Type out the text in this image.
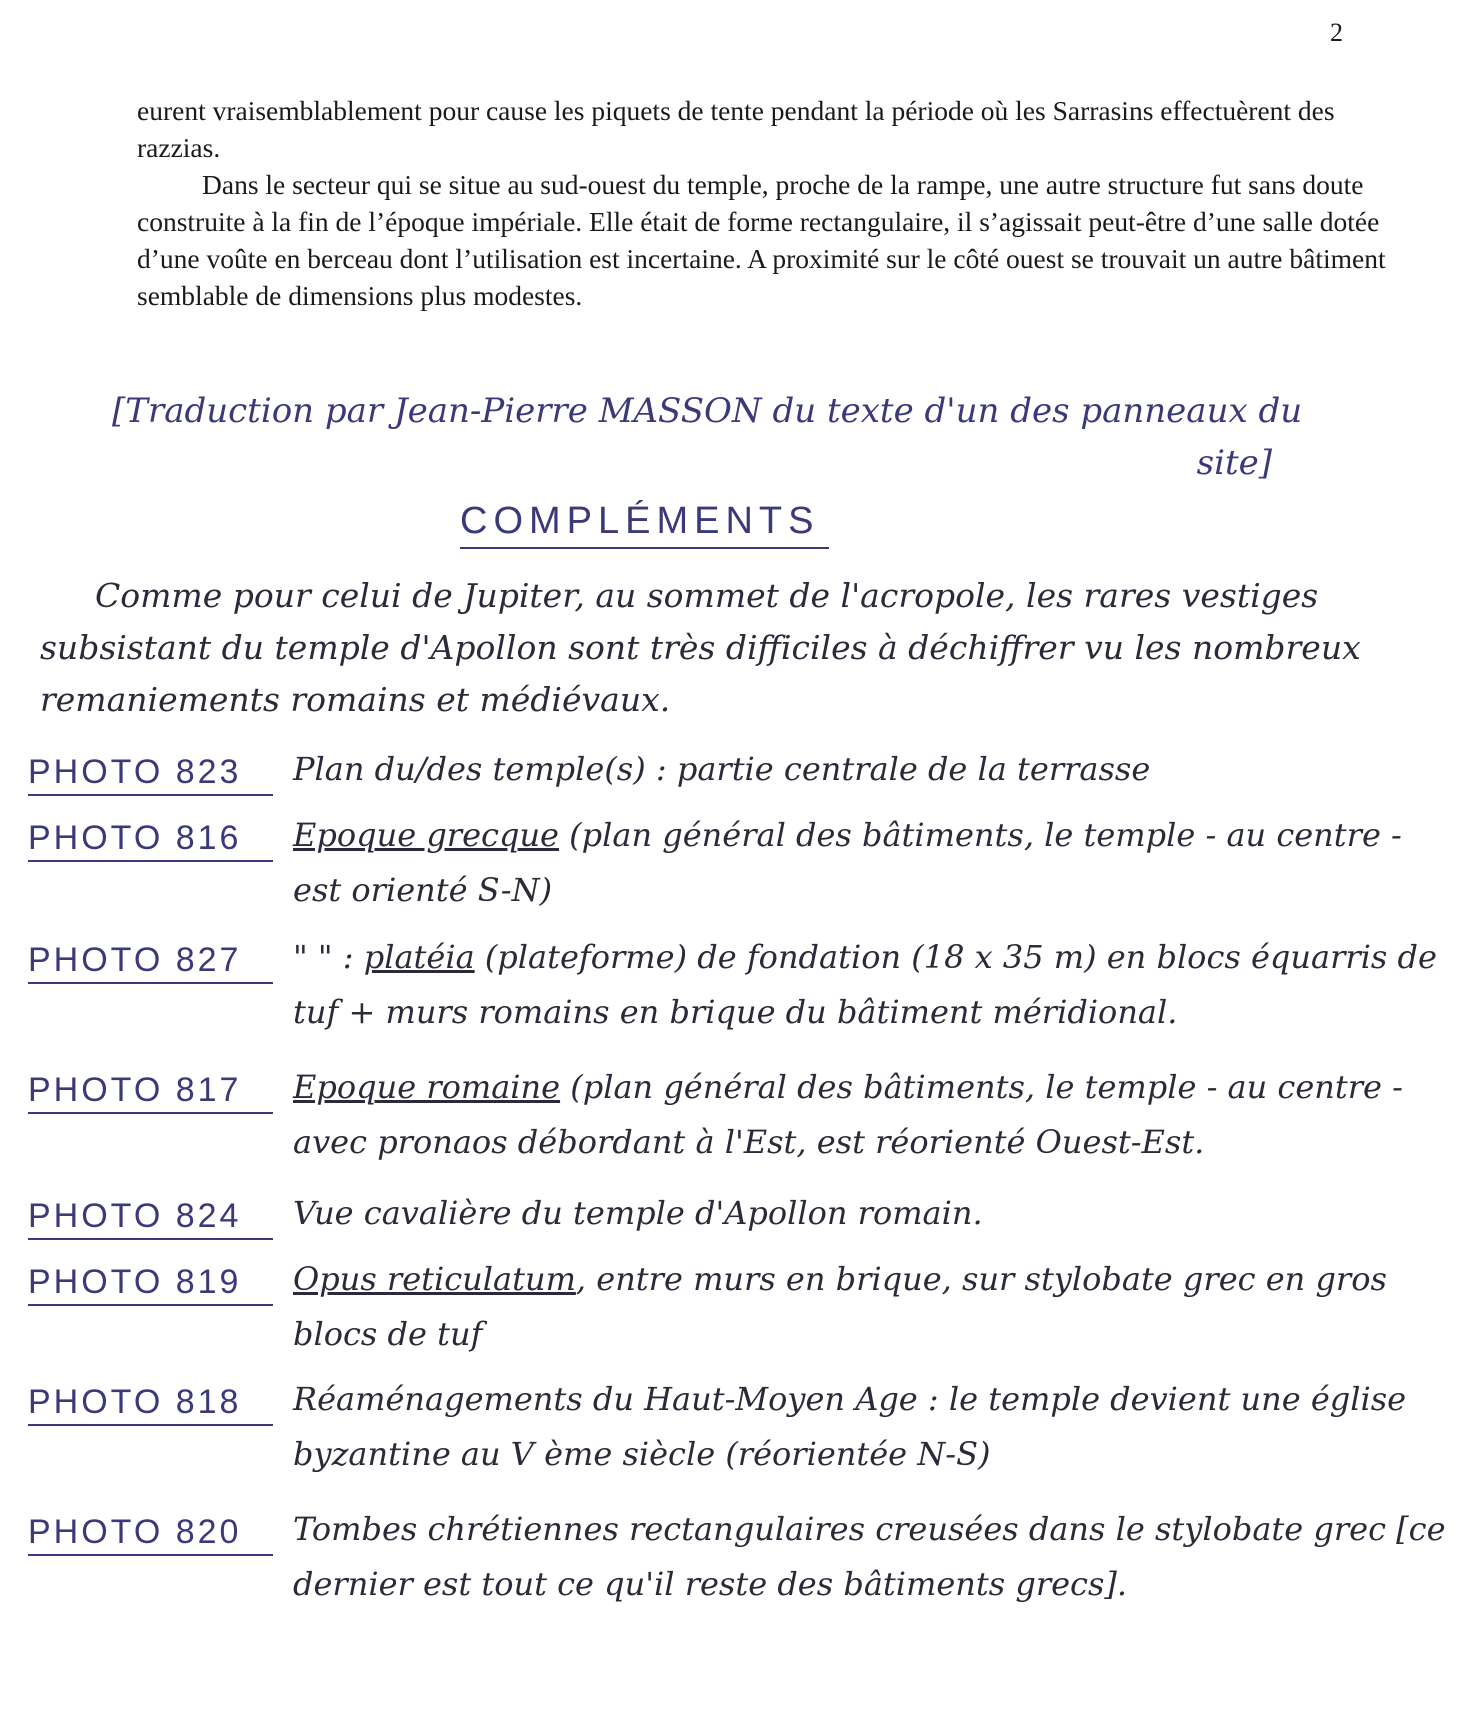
2

eurent vraisemblablement pour cause les piquets de tente pendant la période où les Sarrasins effectuèrent des razzias.

Dans le secteur qui se situe au sud-ouest du temple, proche de la rampe, une autre structure fut sans doute construite à la fin de l’époque impériale. Elle était de forme rectangulaire, il s’agissait peut-être d’une salle dotée d’une voûte en berceau dont l’utilisation est incertaine. A proximité sur le côté ouest se trouvait un autre bâtiment semblable de dimensions plus modestes.

[Traduction par Jean-Pierre MASSON du texte d'un des panneaux du
site]

COMPLÉMENTS

Comme pour celui de Jupiter, au sommet de l'acropole, les rares vestiges subsistant du temple d'Apollon sont très difficiles à déchiffrer vu les nombreux remaniements romains et médiévaux.

PHOTO 823	Plan du/des temple(s) : partie centrale de la terrasse
PHOTO 816	Epoque grecque (plan général des bâtiments, le temple - au centre - est orienté S-N)
PHOTO 827	" " : platéia (plateforme) de fondation (18 x 35 m) en blocs équarris de tuf + murs romains en brique du bâtiment méridional.
PHOTO 817	Epoque romaine (plan général des bâtiments, le temple - au centre - avec pronaos débordant à l'Est, est réorienté Ouest-Est.
PHOTO 824	Vue cavalière du temple d'Apollon romain.
PHOTO 819	Opus reticulatum, entre murs en brique, sur stylobate grec en gros blocs de tuf
PHOTO 818	Réaménagements du Haut-Moyen Age : le temple devient une église byzantine au V ème siècle (réorientée N-S)
PHOTO 820	Tombes chrétiennes rectangulaires creusées dans le stylobate grec [ce dernier est tout ce qu'il reste des bâtiments grecs].
